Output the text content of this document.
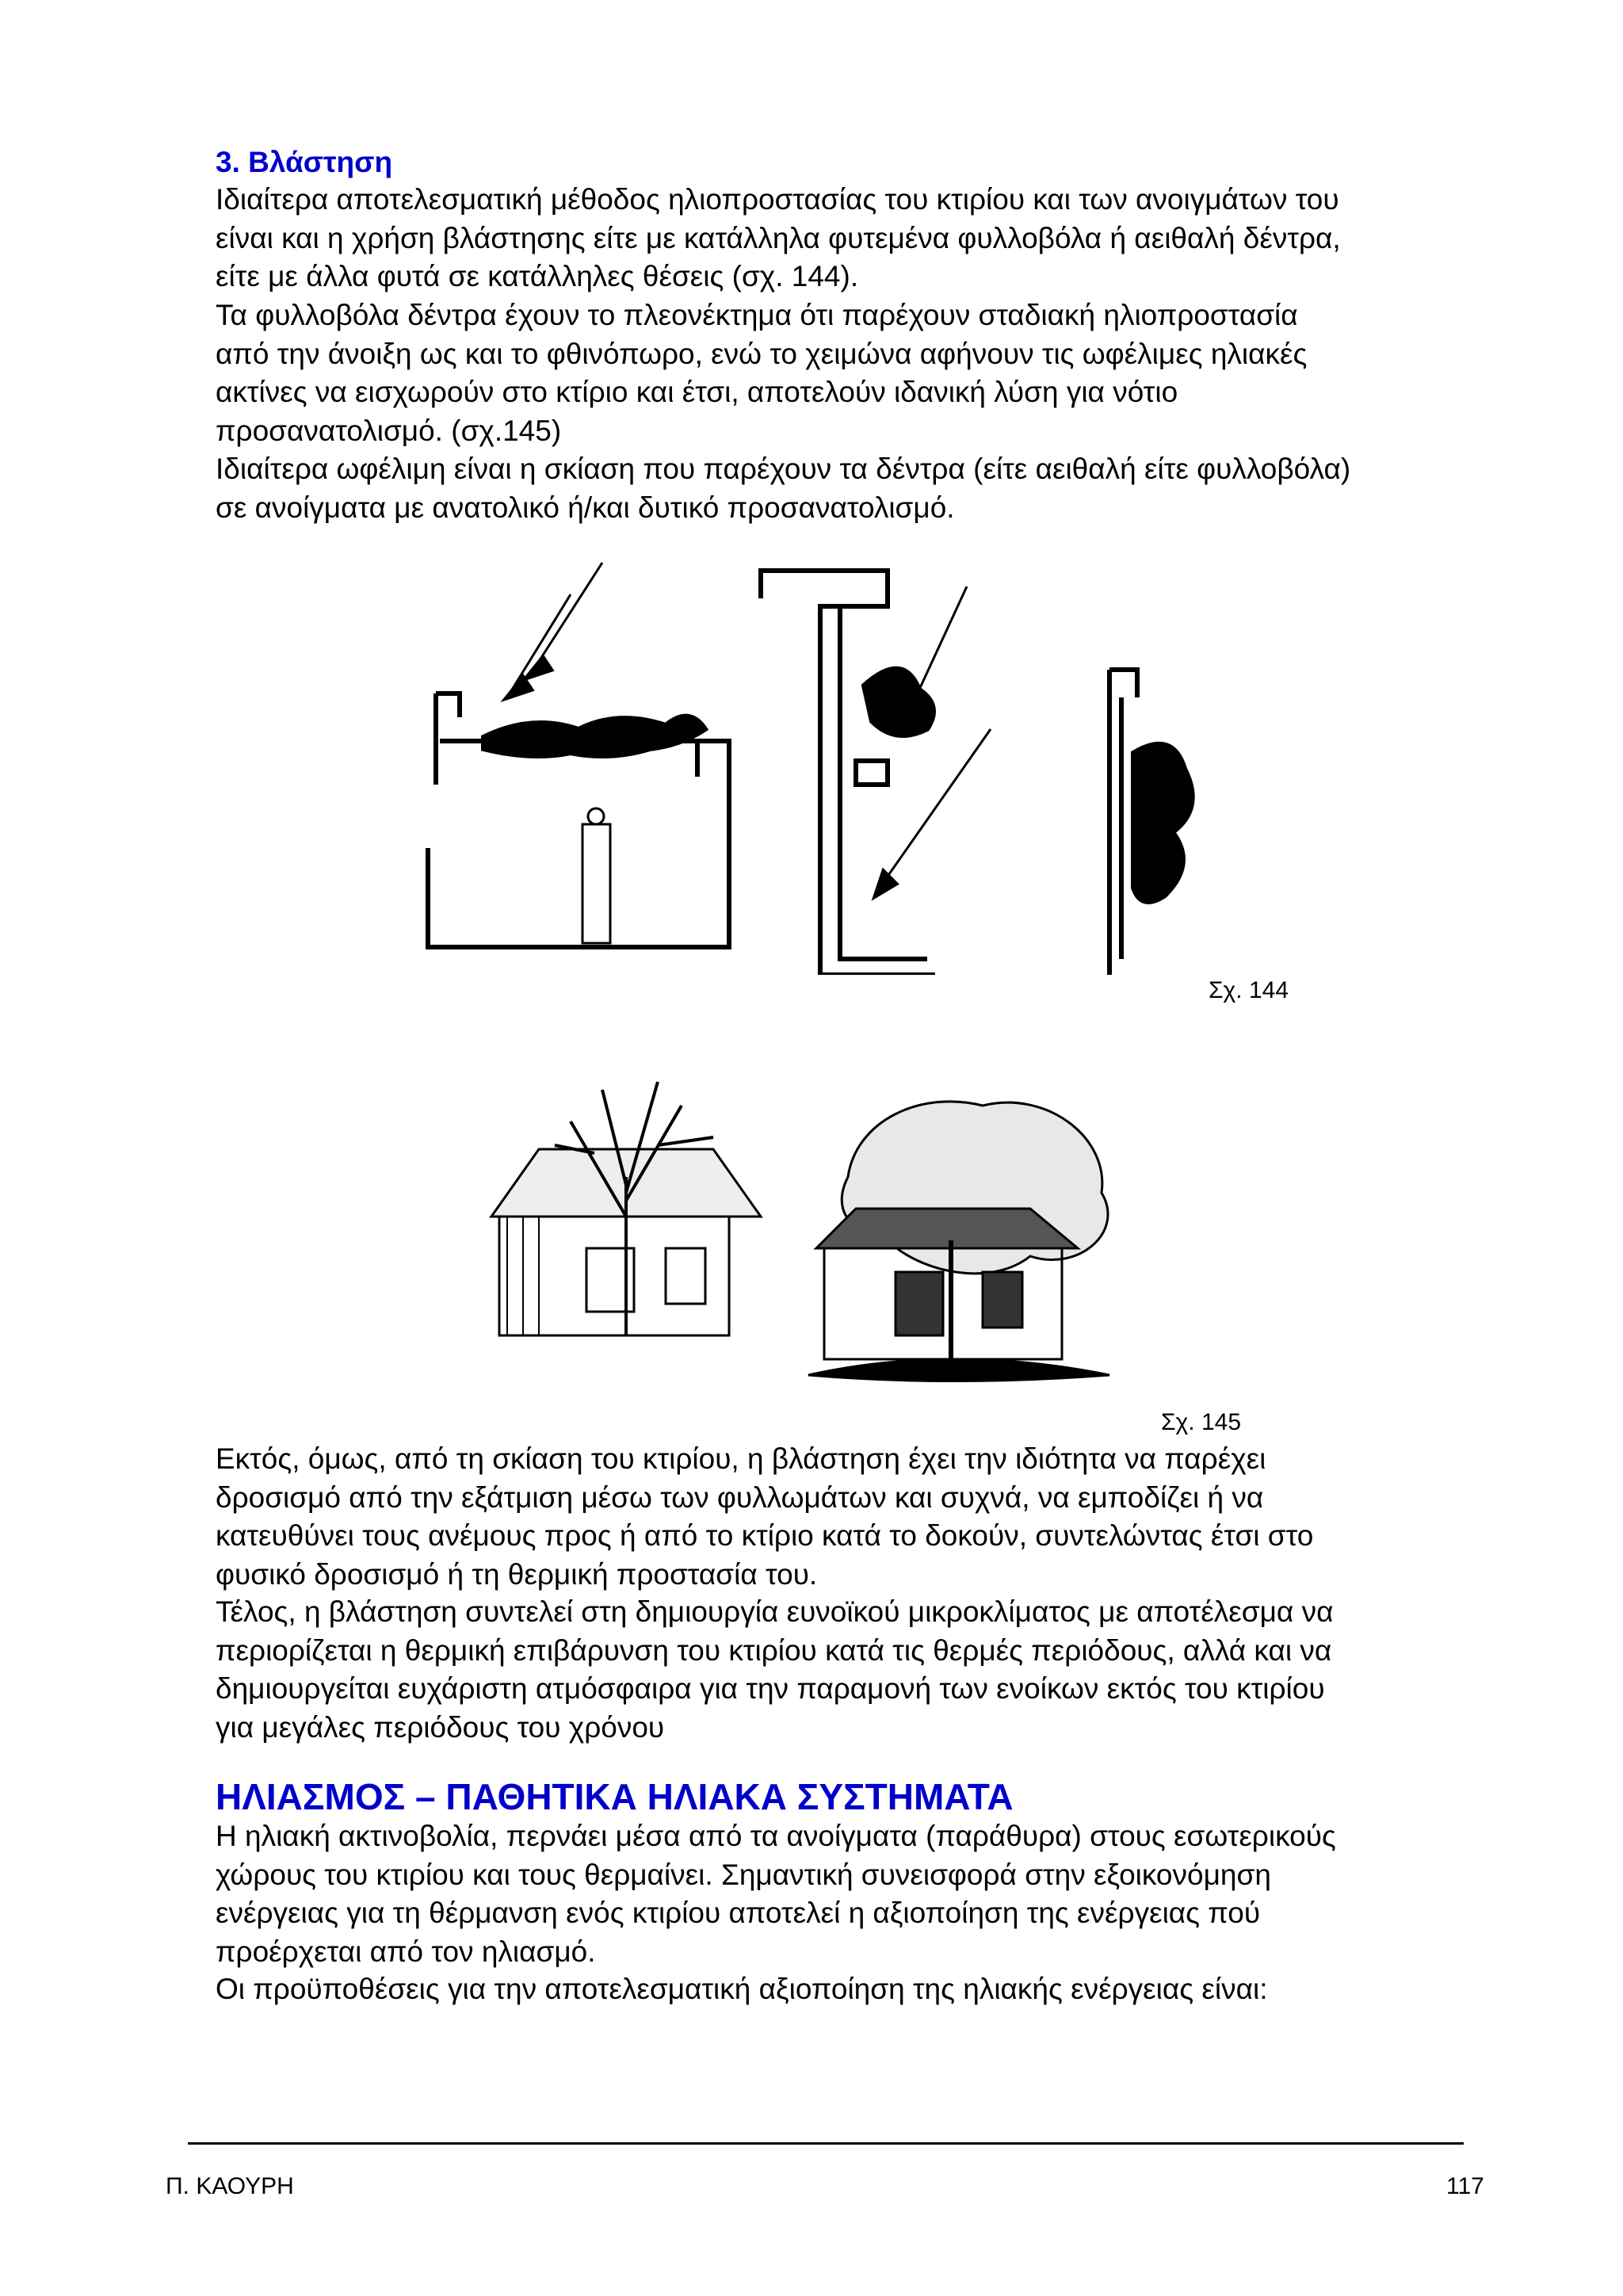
3. Βλάστηση
Ιδιαίτερα αποτελεσματική μέθοδος ηλιοπροστασίας του κτιρίου και των ανοιγμάτων του
είναι και η χρήση βλάστησης είτε με κατάλληλα φυτεμένα φυλλοβόλα ή αειθαλή δέντρα,
είτε με άλλα φυτά σε κατάλληλες θέσεις (σχ. 144).
Τα φυλλοβόλα δέντρα έχουν το πλεονέκτημα ότι παρέχουν σταδιακή ηλιοπροστασία
από την άνοιξη ως και το φθινόπωρο, ενώ το χειμώνα αφήνουν τις ωφέλιμες ηλιακές
ακτίνες να εισχωρούν στο κτίριο και έτσι, αποτελούν ιδανική λύση για νότιο
προσανατολισμό. (σχ.145)
Ιδιαίτερα ωφέλιμη είναι η σκίαση που παρέχουν τα δέντρα (είτε αειθαλή είτε φυλλοβόλα)
σε ανοίγματα με ανατολικό ή/και δυτικό προσανατολισμό.
Σχ. 144
Σχ. 145
Εκτός, όμως, από τη σκίαση του κτιρίου, η βλάστηση έχει την ιδιότητα να παρέχει
δροσισμό από την εξάτμιση μέσω των φυλλωμάτων και συχνά, να εμποδίζει ή να
κατευθύνει τους ανέμους προς ή από το κτίριο κατά το δοκούν, συντελώντας έτσι στο
φυσικό δροσισμό ή τη θερμική προστασία του.
Τέλος, η βλάστηση συντελεί στη δημιουργία ευνοϊκού μικροκλίματος με αποτέλεσμα να
περιορίζεται η θερμική επιβάρυνση του κτιρίου κατά τις θερμές περιόδους, αλλά και να
δημιουργείται ευχάριστη ατμόσφαιρα για την παραμονή των ενοίκων εκτός του κτιρίου
για μεγάλες περιόδους του χρόνου
ΗΛΙΑΣΜΟΣ – ΠΑΘΗΤΙΚΑ ΗΛΙΑΚΑ ΣΥΣΤΗΜΑΤΑ
Η ηλιακή ακτινοβολία, περνάει μέσα από τα ανοίγματα (παράθυρα) στους εσωτερικούς
χώρους του κτιρίου και τους θερμαίνει. Σημαντική συνεισφορά στην εξοικονόμηση
ενέργειας για τη θέρμανση ενός κτιρίου αποτελεί η αξιοποίηση της ενέργειας πού
προέρχεται από τον ηλιασμό.
Οι προϋποθέσεις για την αποτελεσματική αξιοποίηση της ηλιακής ενέργειας είναι:
Π. ΚΑΟΥΡΗ	117
